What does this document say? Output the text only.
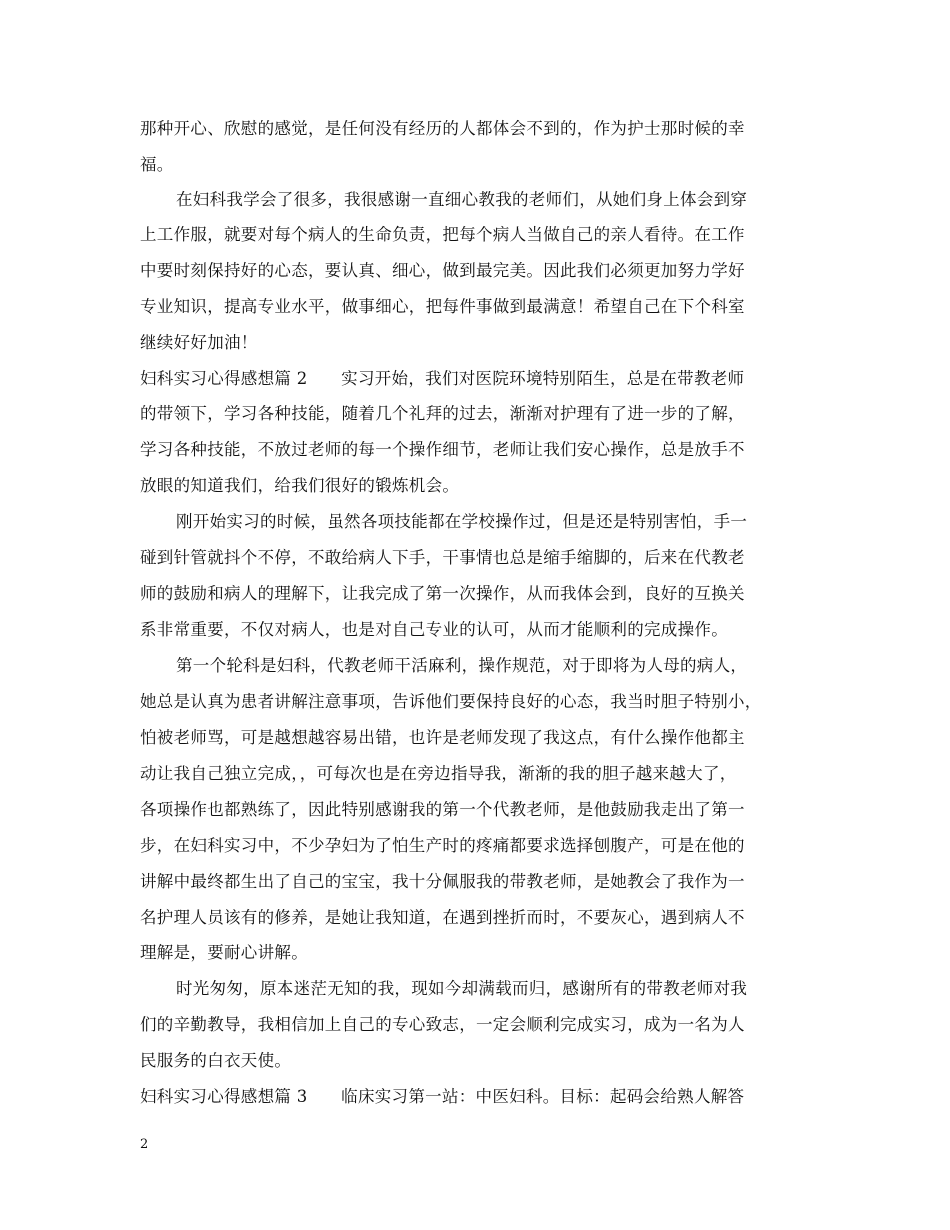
那种开心、欣慰的感觉，是任何没有经历的人都体会不到的，作为护士那时候的幸
福。
在妇科我学会了很多，我很感谢一直细心教我的老师们，从她们身上体会到穿
上工作服，就要对每个病人的生命负责，把每个病人当做自己的亲人看待。在工作
中要时刻保持好的心态，要认真、细心，做到最完美。因此我们必须更加努力学好
专业知识，提高专业水平，做事细心，把每件事做到最满意！希望自己在下个科室
继续好好加油！
妇科实习心得感想篇 2　　实习开始，我们对医院环境特别陌生，总是在带教老师
的带领下，学习各种技能，随着几个礼拜的过去，渐渐对护理有了进一步的了解，
学习各种技能，不放过老师的每一个操作细节，老师让我们安心操作，总是放手不
放眼的知道我们，给我们很好的锻炼机会。
刚开始实习的时候，虽然各项技能都在学校操作过，但是还是特别害怕，手一
碰到针管就抖个不停，不敢给病人下手，干事情也总是缩手缩脚的，后来在代教老
师的鼓励和病人的理解下，让我完成了第一次操作，从而我体会到，良好的互换关
系非常重要，不仅对病人，也是对自己专业的认可，从而才能顺利的完成操作。
第一个轮科是妇科，代教老师干活麻利，操作规范，对于即将为人母的病人，
她总是认真为患者讲解注意事项，告诉他们要保持良好的心态，我当时胆子特别小，
怕被老师骂，可是越想越容易出错，也许是老师发现了我这点，有什么操作他都主
动让我自己独立完成，，可每次也是在旁边指导我，渐渐的我的胆子越来越大了，
各项操作也都熟练了，因此特别感谢我的第一个代教老师，是他鼓励我走出了第一
步，在妇科实习中，不少孕妇为了怕生产时的疼痛都要求选择刨腹产，可是在他的
讲解中最终都生出了自己的宝宝，我十分佩服我的带教老师，是她教会了我作为一
名护理人员该有的修养，是她让我知道，在遇到挫折而时，不要灰心，遇到病人不
理解是，要耐心讲解。
时光匆匆，原本迷茫无知的我，现如今却满载而归，感谢所有的带教老师对我
们的辛勤教导，我相信加上自己的专心致志，一定会顺利完成实习，成为一名为人
民服务的白衣天使。
妇科实习心得感想篇 3　　临床实习第一站：中医妇科。目标：起码会给熟人解答
2
